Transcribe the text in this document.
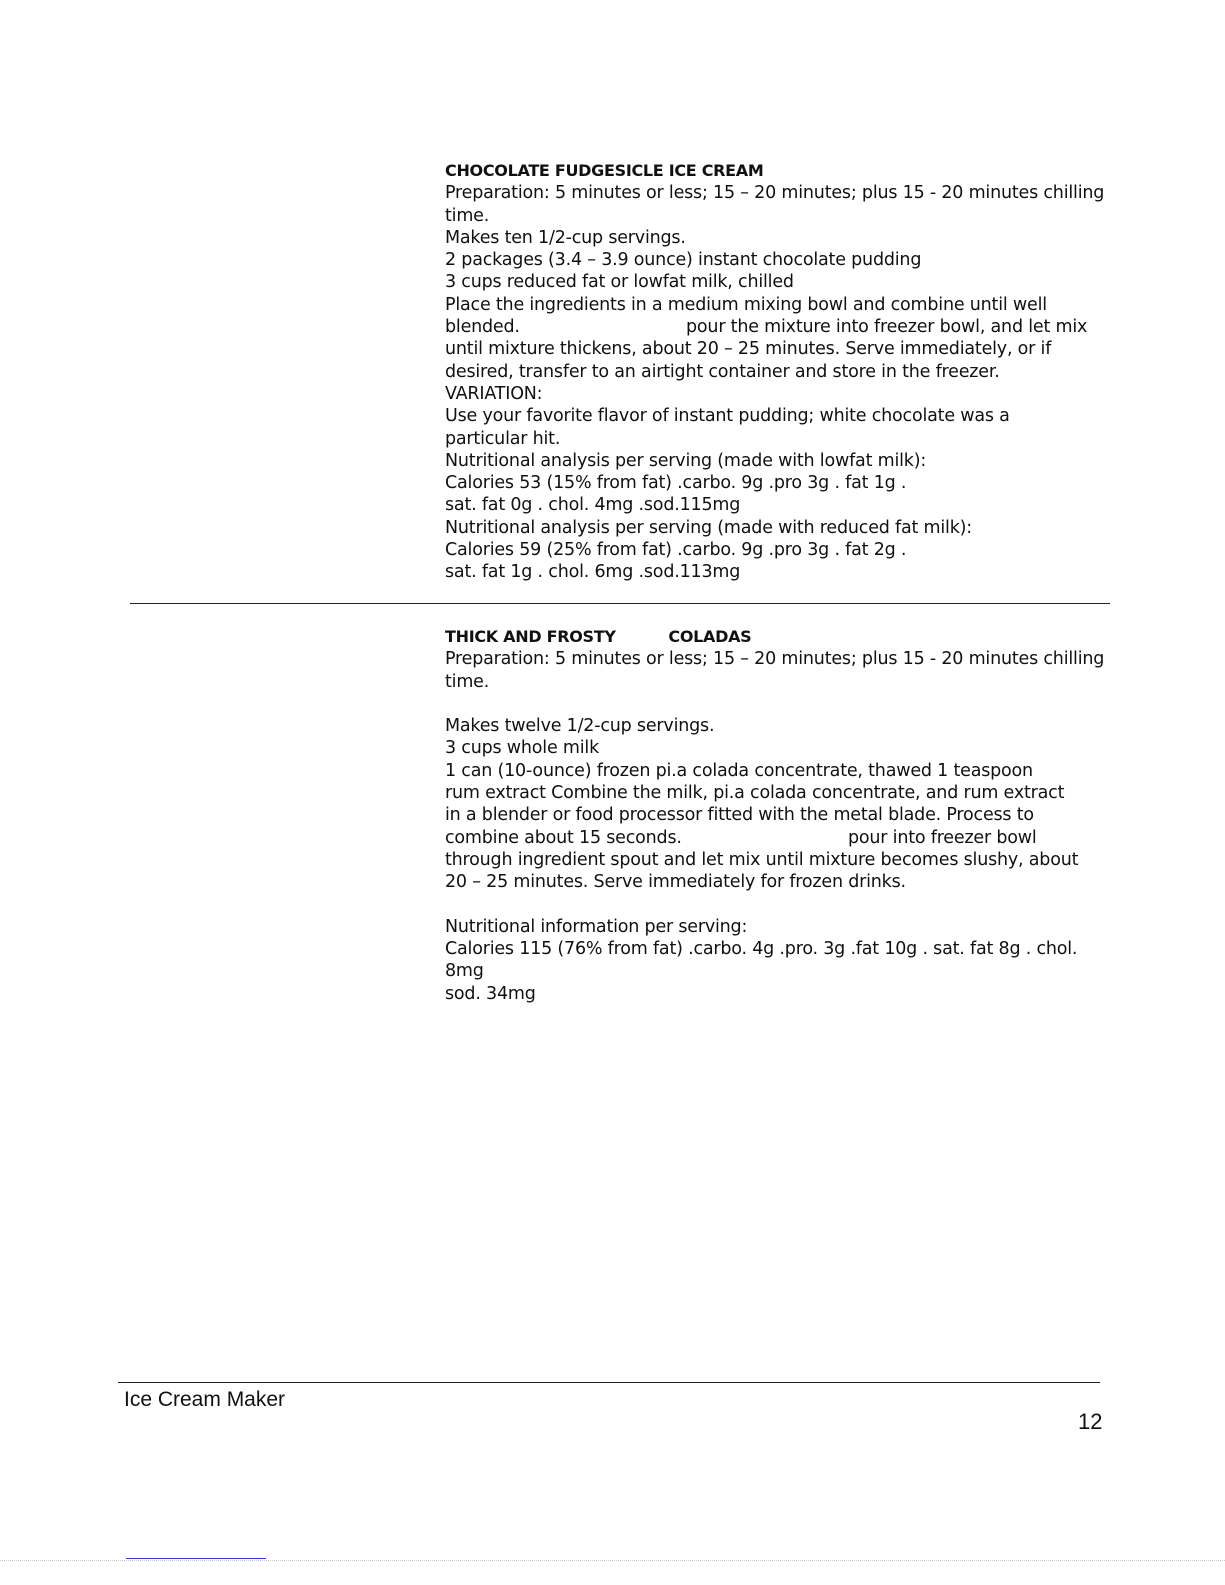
CHOCOLATE FUDGESICLE ICE CREAM
Preparation: 5 minutes or less; 15 – 20 minutes; plus 15 - 20 minutes chilling
time.
Makes ten 1/2-cup servings.
2 packages (3.4 – 3.9 ounce) instant chocolate pudding
3 cups reduced fat or lowfat milk, chilled
Place the ingredients in a medium mixing bowl and combine until well
blended.                               pour the mixture into freezer bowl, and let mix
until mixture thickens, about 20 – 25 minutes. Serve immediately, or if
desired, transfer to an airtight container and store in the freezer.
VARIATION:
Use your favorite flavor of instant pudding; white chocolate was a
particular hit.
Nutritional analysis per serving (made with lowfat milk):
Calories 53 (15% from fat) .carbo. 9g .pro 3g . fat 1g .
sat. fat 0g . chol. 4mg .sod.115mg
Nutritional analysis per serving (made with reduced fat milk):
Calories 59 (25% from fat) .carbo. 9g .pro 3g . fat 2g .
sat. fat 1g . chol. 6mg .sod.113mg
THICK AND FROSTY          COLADAS
Preparation: 5 minutes or less; 15 – 20 minutes; plus 15 - 20 minutes chilling
time.
Makes twelve 1/2-cup servings.
3 cups whole milk
1 can (10-ounce) frozen pi.a colada concentrate, thawed 1 teaspoon
rum extract Combine the milk, pi.a colada concentrate, and rum extract
in a blender or food processor fitted with the metal blade. Process to
combine about 15 seconds.                               pour into freezer bowl
through ingredient spout and let mix until mixture becomes slushy, about
20 – 25 minutes. Serve immediately for frozen drinks.
Nutritional information per serving:
Calories 115 (76% from fat) .carbo. 4g .pro. 3g .fat 10g . sat. fat 8g . chol.
8mg
sod. 34mg
Ice Cream Maker
12
